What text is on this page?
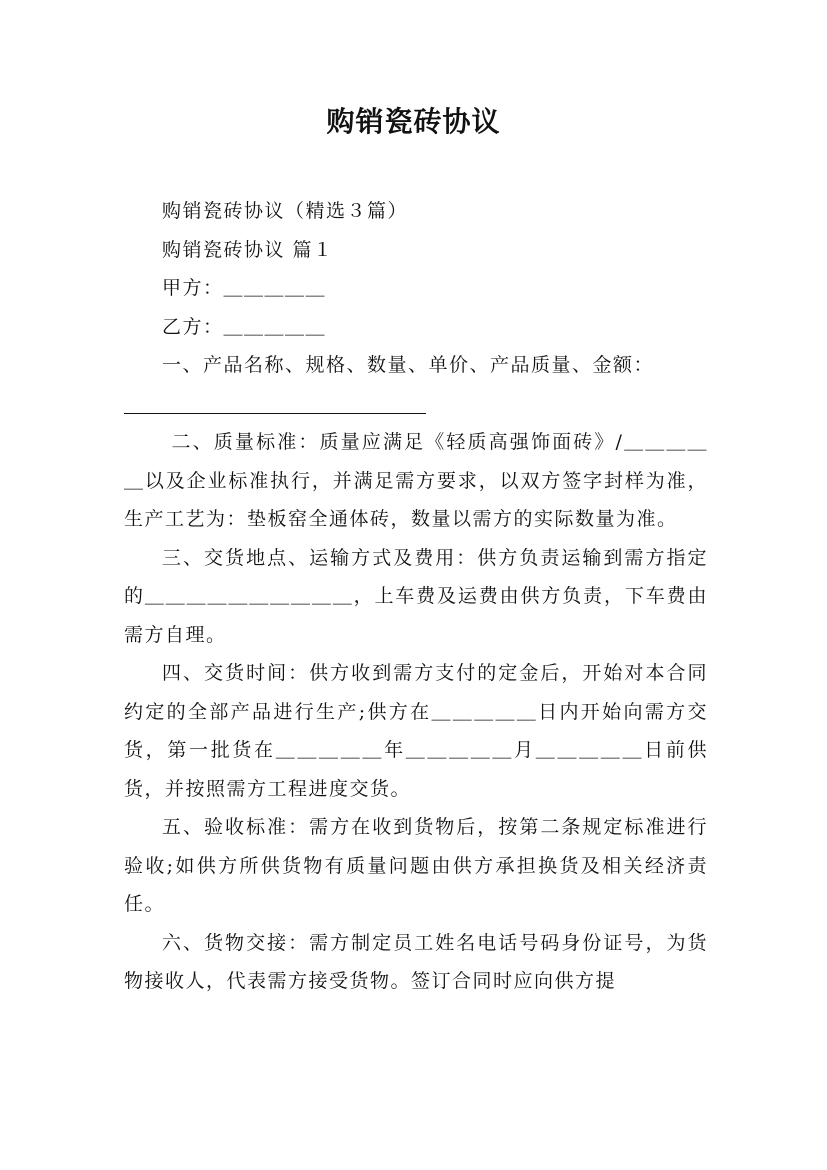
购销瓷砖协议

购销瓷砖协议（精选３篇）

购销瓷砖协议 篇１

甲方：＿＿＿＿＿

乙方：＿＿＿＿＿

一、产品名称、规格、数量、单价、产品质量、金额：

二、质量标准：质量应满足《轻质高强饰面砖》/＿＿＿＿＿以及企业标准执行，并满足需方要求，以双方签字封样为准，生产工艺为：垫板窑全通体砖，数量以需方的实际数量为准。

三、交货地点、运输方式及费用：供方负责运输到需方指定的＿＿＿＿＿＿＿＿＿＿，上车费及运费由供方负责，下车费由需方自理。

四、交货时间：供方收到需方支付的定金后，开始对本合同约定的全部产品进行生产;供方在＿＿＿＿＿日内开始向需方交货，第一批货在＿＿＿＿＿年＿＿＿＿＿月＿＿＿＿＿日前供货，并按照需方工程进度交货。

五、验收标准：需方在收到货物后，按第二条规定标准进行验收;如供方所供货物有质量问题由供方承担换货及相关经济责任。

六、货物交接：需方制定员工姓名电话号码身份证号，为货物接收人，代表需方接受货物。签订合同时应向供方提
